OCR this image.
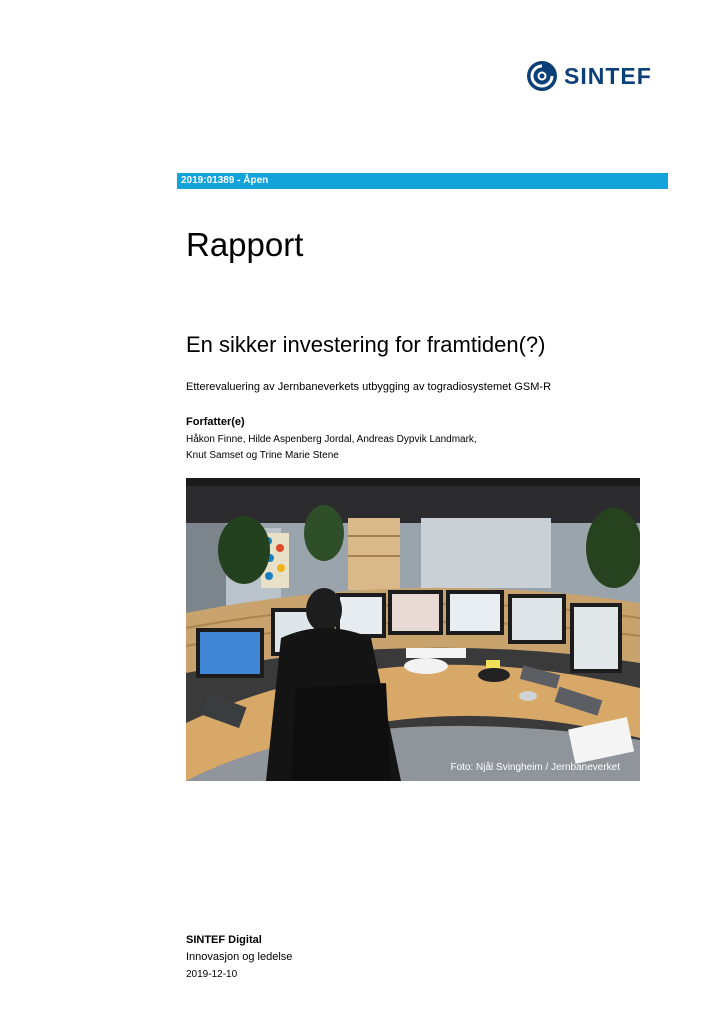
SINTEF
2019:01389 - Åpen
Rapport
En sikker investering for framtiden(?)
Etterevaluering av Jernbaneverkets utbygging av togradiosystemet GSM-R
Forfatter(e)
Håkon Finne, Hilde Aspenberg Jordal, Andreas Dypvik Landmark,
Knut Samset og Trine Marie Stene
Foto: Njål Svingheim / Jernbaneverket
SINTEF Digital
Innovasjon og ledelse
2019-12-10
